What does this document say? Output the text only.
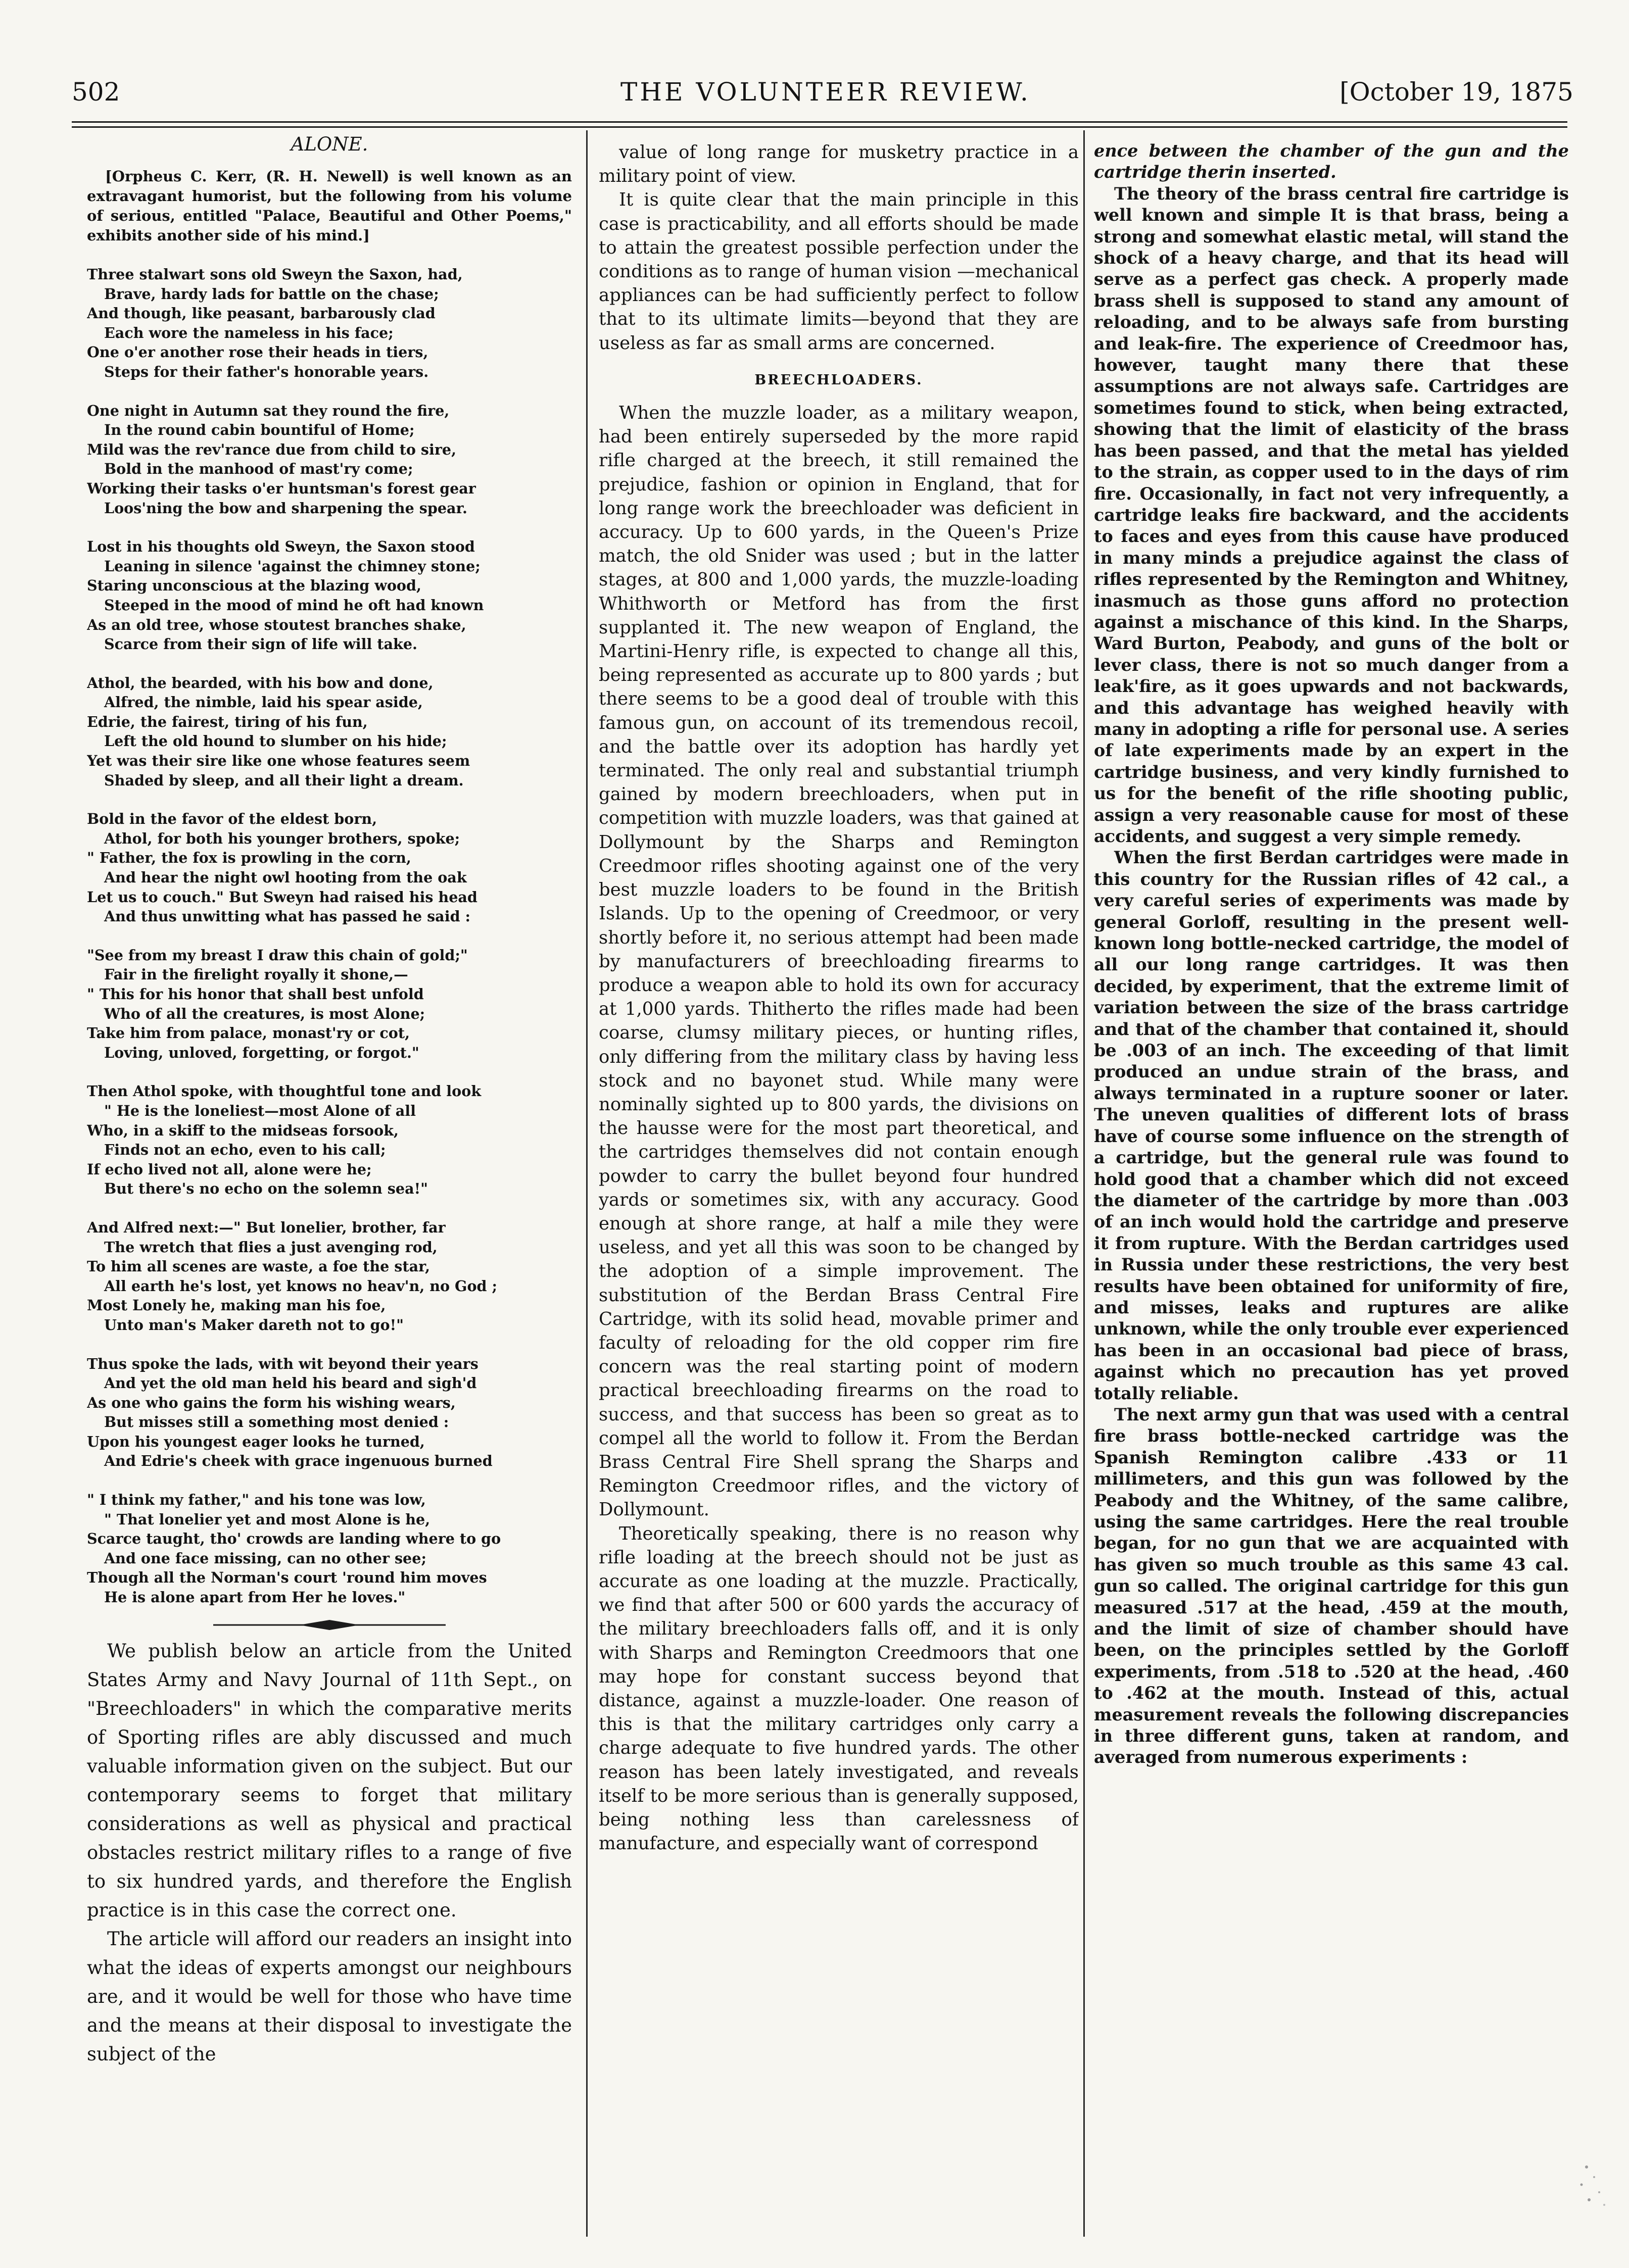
502	THE VOLUNTEER REVIEW.	[October 19, 1875
ALONE.

[Orpheus C. Kerr, (R. H. Newell) is well known as an extravagant humorist, but the following from his volume of serious, entitled "Palace, Beautiful and Other Poems," exhibits another side of his mind.]

Three stalwart sons old Sweyn the Saxon, had,
Brave, hardy lads for battle on the chase;
And though, like peasant, barbarously clad
Each wore the nameless in his face;
One o'er another rose their heads in tiers,
Steps for their father's honorable years.
One night in Autumn sat they round the fire,
In the round cabin bountiful of Home;
Mild was the rev'rance due from child to sire,
Bold in the manhood of mast'ry come;
Working their tasks o'er huntsman's forest gear
Loos'ning the bow and sharpening the spear.
Lost in his thoughts old Sweyn, the Saxon stood
Leaning in silence 'against the chimney stone;
Staring unconscious at the blazing wood,
Steeped in the mood of mind he oft had known
As an old tree, whose stoutest branches shake,
Scarce from their sign of life will take.
Athol, the bearded, with his bow and done,
Alfred, the nimble, laid his spear aside,
Edrie, the fairest, tiring of his fun,
Left the old hound to slumber on his hide;
Yet was their sire like one whose features seem
Shaded by sleep, and all their light a dream.
Bold in the favor of the eldest born,
Athol, for both his younger brothers, spoke;
" Father, the fox is prowling in the corn,
And hear the night owl hooting from the oak
Let us to couch." But Sweyn had raised his head
And thus unwitting what has passed he said :
"See from my breast I draw this chain of gold;"
Fair in the firelight royally it shone,—
" This for his honor that shall best unfold
Who of all the creatures, is most Alone;
Take him from palace, monast'ry or cot,
Loving, unloved, forgetting, or forgot."
Then Athol spoke, with thoughtful tone and look
" He is the loneliest—most Alone of all
Who, in a skiff to the midseas forsook,
Finds not an echo, even to his call;
If echo lived not all, alone were he;
But there's no echo on the solemn sea!"
And Alfred next:—" But lonelier, brother, far
The wretch that flies a just avenging rod,
To him all scenes are waste, a foe the star,
All earth he's lost, yet knows no heav'n, no God ;
Most Lonely he, making man his foe,
Unto man's Maker dareth not to go!"
Thus spoke the lads, with wit beyond their years
And yet the old man held his beard and sigh'd
As one who gains the form his wishing wears,
But misses still a something most denied :
Upon his youngest eager looks he turned,
And Edrie's cheek with grace ingenuous burned
" I think my father," and his tone was low,
" That lonelier yet and most Alone is he,
Scarce taught, tho' crowds are landing where to go
And one face missing, can no other see;
Though all the Norman's court 'round him moves
He is alone apart from Her he loves."

We publish below an article from the United States Army and Navy Journal of 11th Sept., on "Breechloaders" in which the comparative merits of Sporting rifles are ably discussed and much valuable information given on the subject. But our contemporary seems to forget that military considerations as well as physical and practical obstacles restrict military rifles to a range of five to six hundred yards, and therefore the English practice is in this case the correct one.

The article will afford our readers an insight into what the ideas of experts amongst our neighbours are, and it would be well for those who have time and the means at their disposal to investigate the subject of the

value of long range for musketry practice in a military point of view.

It is quite clear that the main principle in this case is practicability, and all efforts should be made to attain the greatest possible perfection under the conditions as to range of human vision —mechanical appliances can be had sufficiently perfect to follow that to its ultimate limits—beyond that they are useless as far as small arms are concerned.

BREECHLOADERS.

When the muzzle loader, as a military weapon, had been entirely superseded by the more rapid rifle charged at the breech, it still remained the prejudice, fashion or opinion in England, that for long range work the breechloader was deficient in accuracy. Up to 600 yards, in the Queen's Prize match, the old Snider was used ; but in the latter stages, at 800 and 1,000 yards, the muzzle-loading Whithworth or Metford has from the first supplanted it. The new weapon of England, the Martini-Henry rifle, is expected to change all this, being represented as accurate up to 800 yards ; but there seems to be a good deal of trouble with this famous gun, on account of its tremendous recoil, and the battle over its adoption has hardly yet terminated. The only real and substantial triumph gained by modern breechloaders, when put in competition with muzzle loaders, was that gained at Dollymount by the Sharps and Remington Creedmoor rifles shooting against one of the very best muzzle loaders to be found in the British Islands. Up to the opening of Creedmoor, or very shortly before it, no serious attempt had been made by manufacturers of breechloading firearms to produce a weapon able to hold its own for accuracy at 1,000 yards. Thitherto the rifles made had been coarse, clumsy military pieces, or hunting rifles, only differing from the military class by having less stock and no bayonet stud. While many were nominally sighted up to 800 yards, the divisions on the hausse were for the most part theoretical, and the cartridges themselves did not contain enough powder to carry the bullet beyond four hundred yards or sometimes six, with any accuracy. Good enough at shore range, at half a mile they were useless, and yet all this was soon to be changed by the adoption of a simple improvement. The substitution of the Berdan Brass Central Fire Cartridge, with its solid head, movable primer and faculty of reloading for the old copper rim fire concern was the real starting point of modern practical breechloading firearms on the road to success, and that success has been so great as to compel all the world to follow it. From the Berdan Brass Central Fire Shell sprang the Sharps and Remington Creedmoor rifles, and the victory of Dollymount.

Theoretically speaking, there is no reason why rifle loading at the breech should not be just as accurate as one loading at the muzzle. Practically, we find that after 500 or 600 yards the accuracy of the military breechloaders falls off, and it is only with Sharps and Remington Creedmoors that one may hope for constant success beyond that distance, against a muzzle-loader. One reason of this is that the military cartridges only carry a charge adequate to five hundred yards. The other reason has been lately investigated, and reveals itself to be more serious than is generally supposed, being nothing less than carelessness of manufacture, and especially want of correspond

ence between the chamber of the gun and the cartridge therin inserted.

The theory of the brass central fire cartridge is well known and simple It is that brass, being a strong and somewhat elastic metal, will stand the shock of a heavy charge, and that its head will serve as a perfect gas check. A properly made brass shell is supposed to stand any amount of reloading, and to be always safe from bursting and leak-fire. The experience of Creedmoor has, however, taught many there that these assumptions are not always safe. Cartridges are sometimes found to stick, when being extracted, showing that the limit of elasticity of the brass has been passed, and that the metal has yielded to the strain, as copper used to in the days of rim fire. Occasionally, in fact not very infrequently, a cartridge leaks fire backward, and the accidents to faces and eyes from this cause have produced in many minds a prejudice against the class of rifles represented by the Remington and Whitney, inasmuch as those guns afford no protection against a mischance of this kind. In the Sharps, Ward Burton, Peabody, and guns of the bolt or lever class, there is not so much danger from a leak'fire, as it goes upwards and not backwards, and this advantage has weighed heavily with many in adopting a rifle for personal use. A series of late experiments made by an expert in the cartridge business, and very kindly furnished to us for the benefit of the rifle shooting public, assign a very reasonable cause for most of these accidents, and suggest a very simple remedy.

When the first Berdan cartridges were made in this country for the Russian rifles of 42 cal., a very careful series of experiments was made by general Gorloff, resulting in the present well-known long bottle-necked cartridge, the model of all our long range cartridges. It was then decided, by experiment, that the extreme limit of variation between the size of the brass cartridge and that of the chamber that contained it, should be .003 of an inch. The exceeding of that limit produced an undue strain of the brass, and always terminated in a rupture sooner or later. The uneven qualities of different lots of brass have of course some influence on the strength of a cartridge, but the general rule was found to hold good that a chamber which did not exceed the diameter of the cartridge by more than .003 of an inch would hold the cartridge and preserve it from rupture. With the Berdan cartridges used in Russia under these restrictions, the very best results have been obtained for uniformity of fire, and misses, leaks and ruptures are alike unknown, while the only trouble ever experienced has been in an occasional bad piece of brass, against which no precaution has yet proved totally reliable.

The next army gun that was used with a central fire brass bottle-necked cartridge was the Spanish Remington calibre .433 or 11 millimeters, and this gun was followed by the Peabody and the Whitney, of the same calibre, using the same cartridges. Here the real trouble began, for no gun that we are acquainted with has given so much trouble as this same 43 cal. gun so called. The original cartridge for this gun measured .517 at the head, .459 at the mouth, and the limit of size of chamber should have been, on the principles settled by the Gorloff experiments, from .518 to .520 at the head, .460 to .462 at the mouth. Instead of this, actual measurement reveals the following discrepancies in three different guns, taken at random, and averaged from numerous experiments :
